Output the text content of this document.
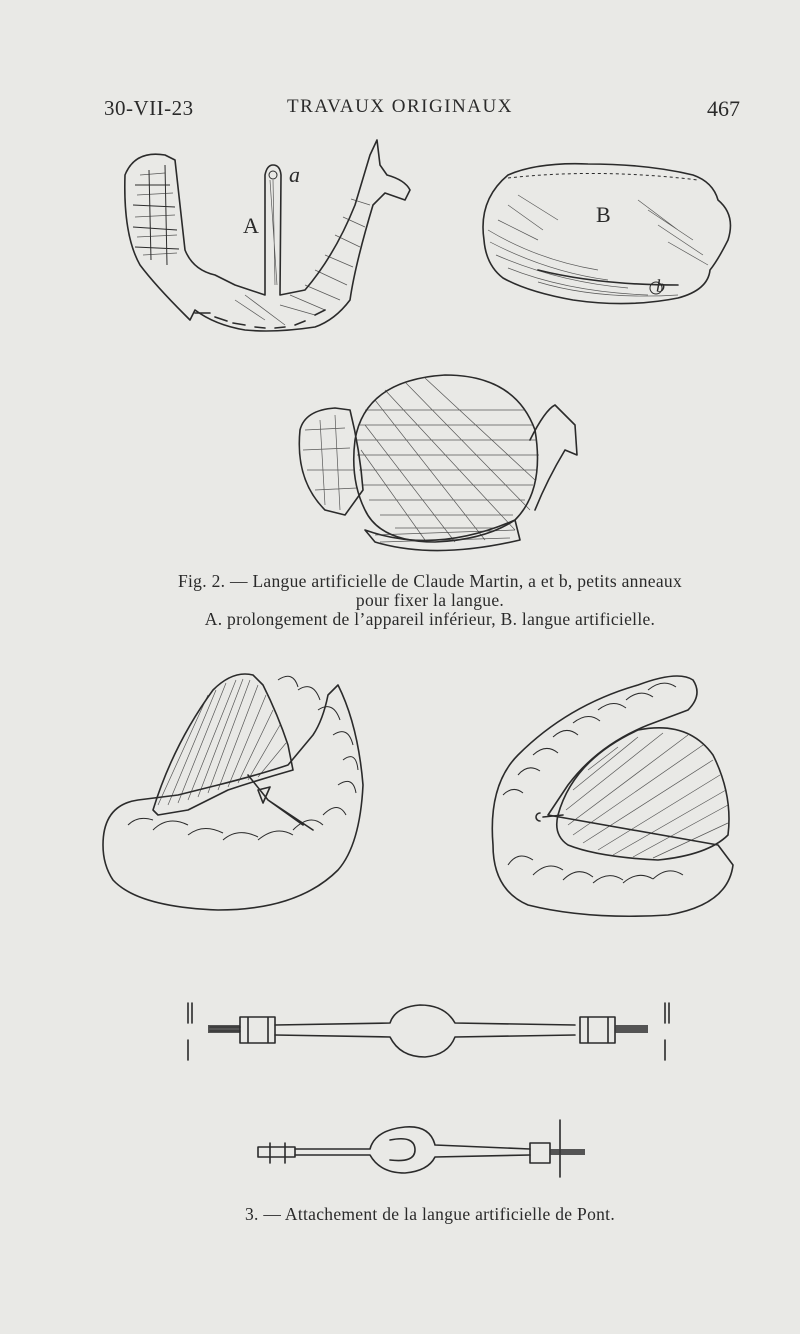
30-VII-23	TRAVAUX ORIGINAUX	467
A
a
B
b

Fig. 2. — Langue artificielle de Claude Martin, a et b, petits anneaux

pour fixer la langue.

A. prolongement de l’appareil inférieur, B. langue artificielle.

3. — Attachement de la langue artificielle de Pont.
